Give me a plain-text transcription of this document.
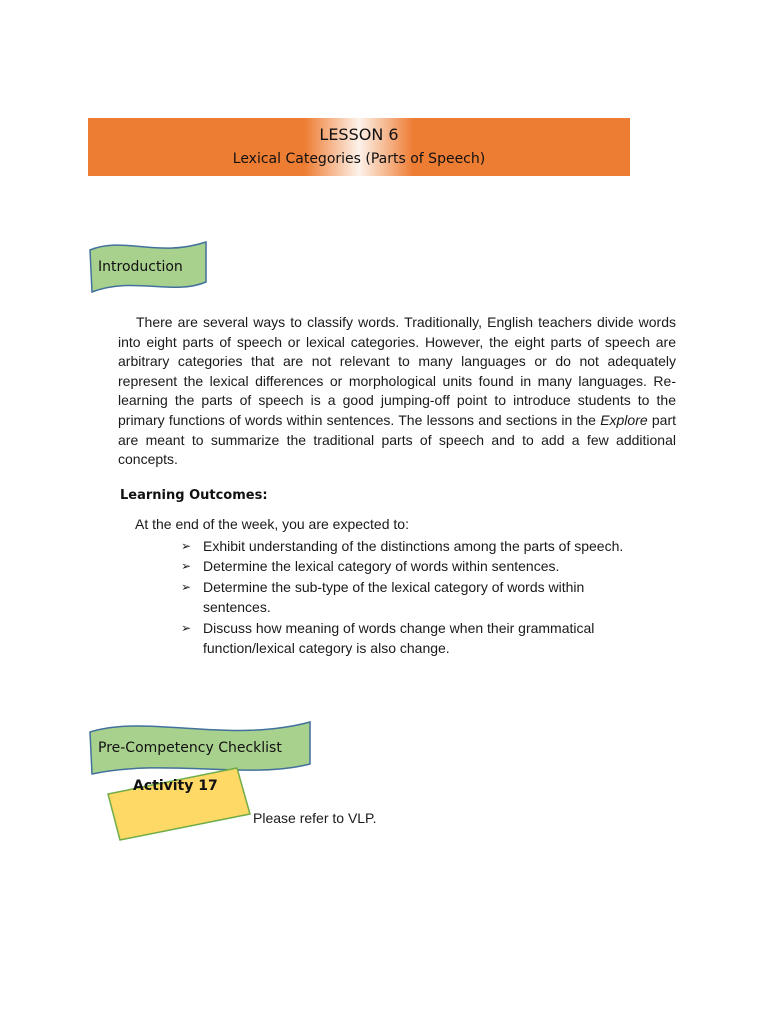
LESSON 6
Lexical Categories (Parts of Speech)
Introduction

There are several ways to classify words. Traditionally, English teachers divide words into eight parts of speech or lexical categories. However, the eight parts of speech are arbitrary categories that are not relevant to many languages or do not adequately represent the lexical differences or morphological units found in many languages. Re-learning the parts of speech is a good jumping-off point to introduce students to the primary functions of words within sentences. The lessons and sections in the Explore part are meant to summarize the traditional parts of speech and to add a few additional concepts.

Learning Outcomes:
At the end of the week, you are expected to:
➢ Exhibit understanding of the distinctions among the parts of speech.
➢ Determine the lexical category of words within sentences.
➢ Determine the sub-type of the lexical category of words within sentences.
➢ Discuss how meaning of words change when their grammatical function/lexical category is also change.
Pre-Competency Checklist
Activity 17
Please refer to VLP.
